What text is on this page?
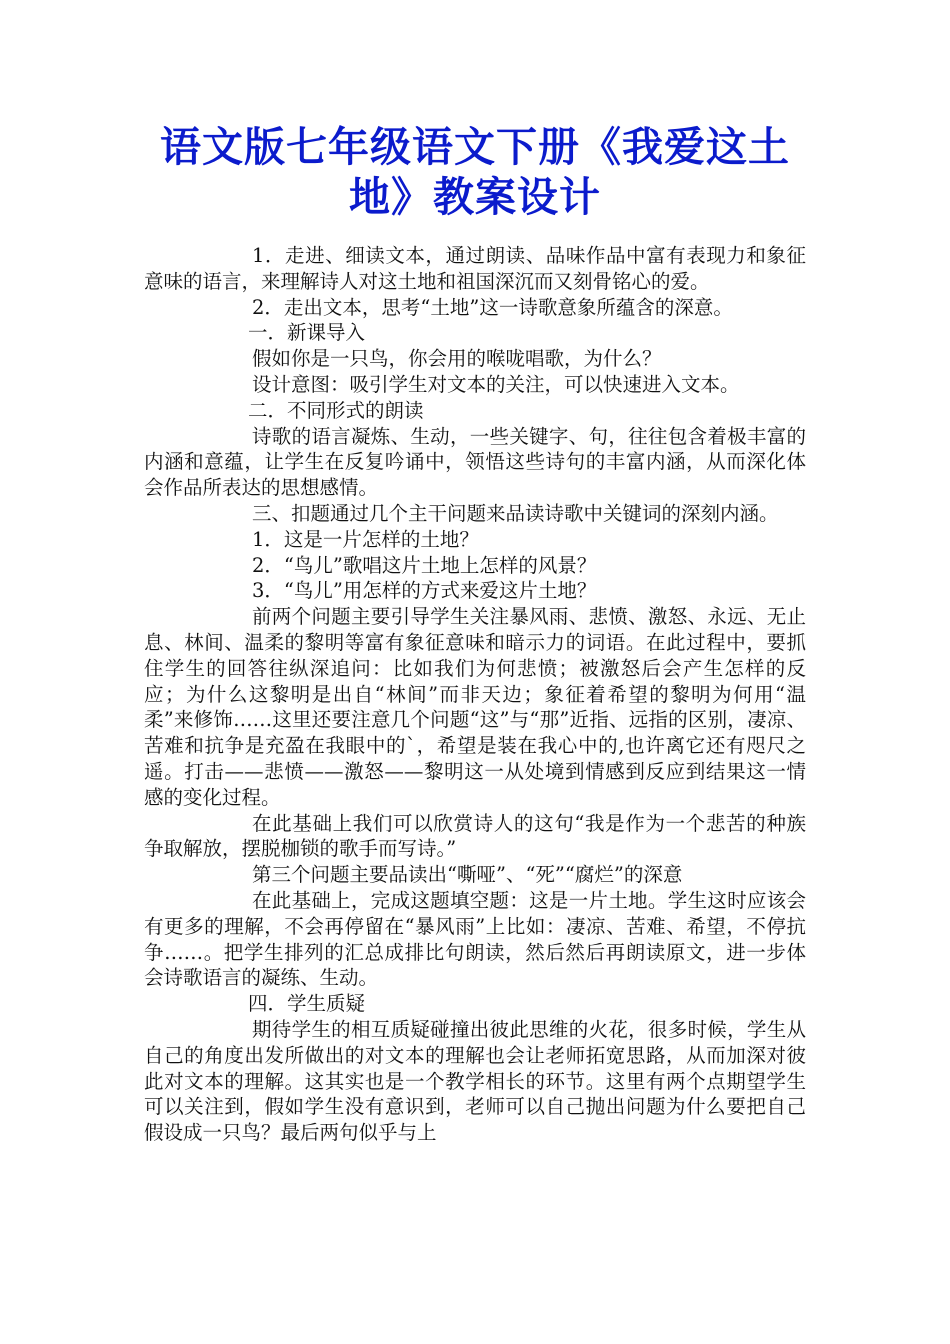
语文版七年级语文下册《我爱这土
地》教案设计

1．走进、细读文本，通过朗读、品味作品中富有表现力和象征意味的语言，来理解诗人对这土地和祖国深沉而又刻骨铭心的爱。

2．走出文本，思考“土地”这一诗歌意象所蕴含的深意。

一．新课导入

假如你是一只鸟，你会用的喉咙唱歌，为什么？

设计意图：吸引学生对文本的关注，可以快速进入文本。

二．不同形式的朗读

诗歌的语言凝炼、生动，一些关键字、句，往往包含着极丰富的内涵和意蕴，让学生在反复吟诵中，领悟这些诗句的丰富内涵，从而深化体会作品所表达的思想感情。

三、扣题通过几个主干问题来品读诗歌中关键词的深刻内涵。

1．这是一片怎样的土地？

2．“鸟儿”歌唱这片土地上怎样的风景？

3．“鸟儿”用怎样的方式来爱这片土地？

前两个问题主要引导学生关注暴风雨、悲愤、激怒、永远、无止息、林间、温柔的黎明等富有象征意味和暗示力的词语。在此过程中，要抓住学生的回答往纵深追问：比如我们为何悲愤；被激怒后会产生怎样的反应；为什么这黎明是出自“林间”而非天边；象征着希望的黎明为何用“温柔”来修饰……这里还要注意几个问题“这”与“那”近指、远指的区别，凄凉、苦难和抗争是充盈在我眼中的`，希望是装在我心中的,也许离它还有咫尺之遥。打击——悲愤——激怒——黎明这一从处境到情感到反应到结果这一情感的变化过程。

在此基础上我们可以欣赏诗人的这句“我是作为一个悲苦的种族争取解放，摆脱枷锁的歌手而写诗。”

第三个问题主要品读出“嘶哑”、“死”“腐烂”的深意

在此基础上，完成这题填空题：这是一片土地。学生这时应该会有更多的理解，不会再停留在“暴风雨”上比如：凄凉、苦难、希望，不停抗争……。把学生排列的汇总成排比句朗读，然后然后再朗读原文，进一步体会诗歌语言的凝练、生动。

四．学生质疑

期待学生的相互质疑碰撞出彼此思维的火花，很多时候，学生从自己的角度出发所做出的对文本的理解也会让老师拓宽思路，从而加深对彼此对文本的理解。这其实也是一个教学相长的环节。这里有两个点期望学生可以关注到，假如学生没有意识到，老师可以自己抛出问题为什么要把自己假设成一只鸟？最后两句似乎与上
